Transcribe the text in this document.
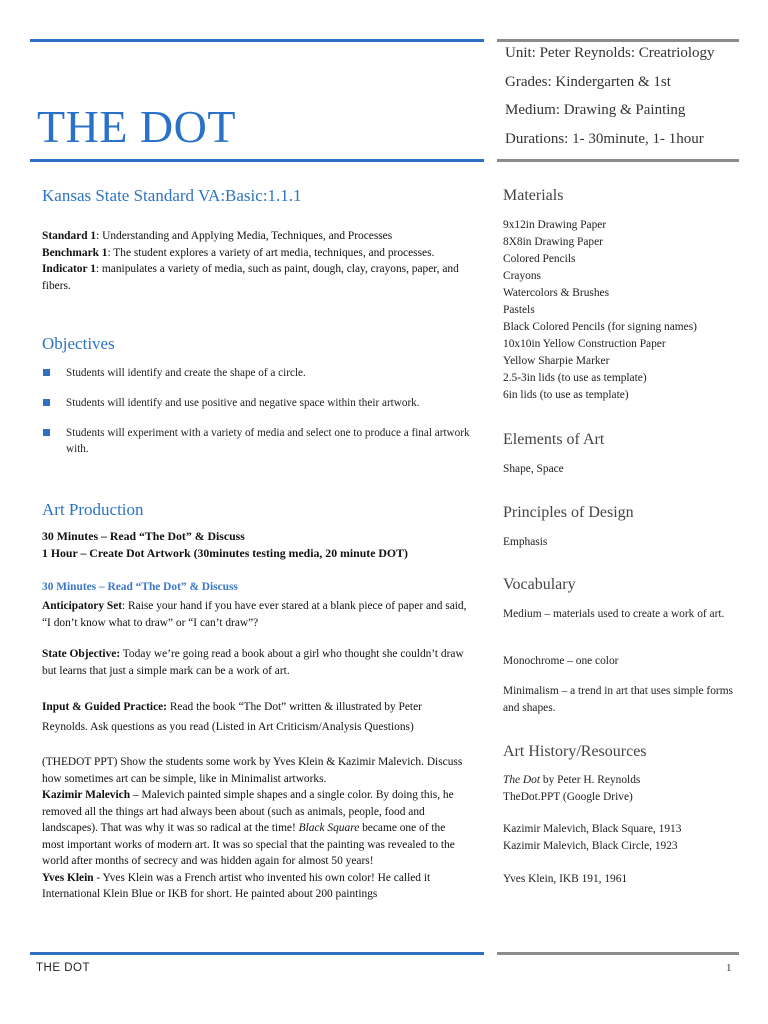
THE DOT
Unit: Peter Reynolds: Creatriology
Grades: Kindergarten & 1st
Medium: Drawing & Painting
Durations: 1- 30minute, 1- 1hour
Kansas State Standard VA:Basic:1.1.1
Standard 1: Understanding and Applying Media, Techniques, and Processes
Benchmark 1: The student explores a variety of art media, techniques, and processes.
Indicator 1: manipulates a variety of media, such as paint, dough, clay, crayons, paper, and fibers.
Objectives
Students will identify and create the shape of a circle.
Students will identify and use positive and negative space within their artwork.
Students will experiment with a variety of media and select one to produce a final artwork with.
Art Production
30 Minutes – Read “The Dot” & Discuss
1 Hour – Create Dot Artwork (30minutes testing media, 20 minute DOT)
30 Minutes – Read “The Dot” & Discuss
Anticipatory Set: Raise your hand if you have ever stared at a blank piece of paper and said, “I don’t know what to draw” or “I can’t draw”?
State Objective: Today we’re going read a book about a girl who thought she couldn’t draw but learns that just a simple mark can be a work of art.
Input & Guided Practice: Read the book “The Dot” written & illustrated by Peter Reynolds. Ask questions as you read (Listed in Art Criticism/Analysis Questions)
(THEDOT PPT) Show the students some work by Yves Klein & Kazimir Malevich. Discuss how sometimes art can be simple, like in Minimalist artworks.
Kazimir Malevich – Malevich painted simple shapes and a single color. By doing this, he removed all the things art had always been about (such as animals, people, food and landscapes). That was why it was so radical at the time! Black Square became one of the most important works of modern art. It was so special that the painting was revealed to the world after months of secrecy and was hidden again for almost 50 years!
Yves Klein - Yves Klein was a French artist who invented his own color! He called it International Klein Blue or IKB for short. He painted about 200 paintings
Materials
9x12in Drawing Paper
8X8in Drawing Paper
Colored Pencils
Crayons
Watercolors & Brushes
Pastels
Black Colored Pencils (for signing names)
10x10in Yellow Construction Paper
Yellow Sharpie Marker
2.5-3in lids (to use as template)
6in lids (to use as template)
Elements of Art
Shape, Space
Principles of Design
Emphasis
Vocabulary
Medium – materials used to create a work of art.
Monochrome – one color
Minimalism – a trend in art that uses simple forms and shapes.
Art History/Resources
The Dot by Peter H. Reynolds
TheDot.PPT (Google Drive)
Kazimir Malevich, Black Square, 1913
Kazimir Malevich, Black Circle, 1923
Yves Klein, IKB 191, 1961
THE DOT	1
